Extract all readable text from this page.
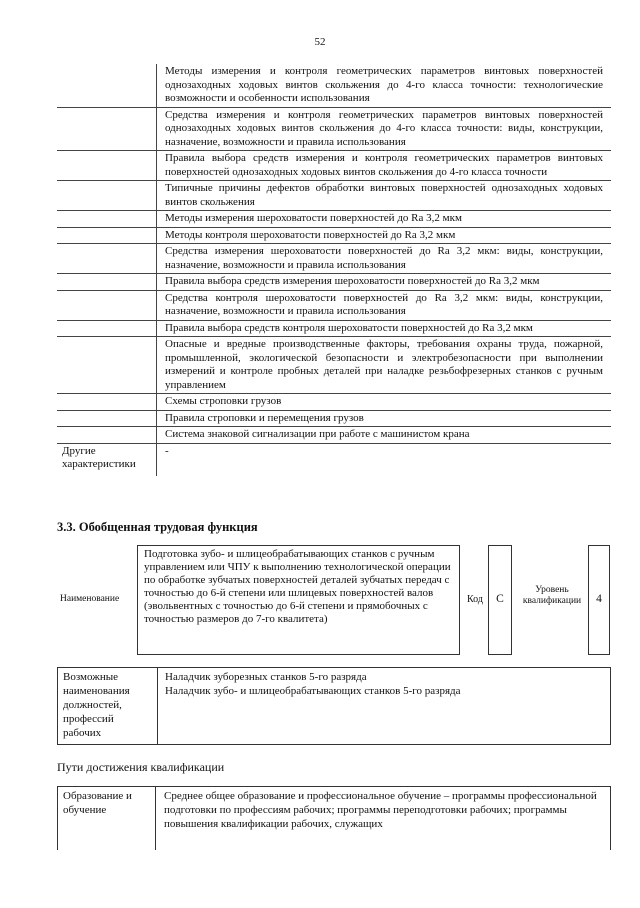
52
Методы измерения и контроля геометрических параметров винтовых поверхностей однозаходных ходовых винтов скольжения до 4-го класса точности: технологические возможности и особенности использования
Средства измерения и контроля геометрических параметров винтовых поверхностей однозаходных ходовых винтов скольжения до 4-го класса точности: виды, конструкции, назначение, возможности и правила использования
Правила выбора средств измерения и контроля геометрических параметров винтовых поверхностей однозаходных ходовых винтов скольжения до 4-го класса точности
Типичные причины дефектов обработки винтовых поверхностей однозаходных ходовых винтов скольжения
Методы измерения шероховатости поверхностей до Ra 3,2 мкм
Методы контроля шероховатости поверхностей до Ra 3,2 мкм
Средства измерения шероховатости поверхностей до Ra 3,2 мкм: виды, конструкции, назначение, возможности и правила использования
Правила выбора средств измерения шероховатости поверхностей до Ra 3,2 мкм
Средства контроля шероховатости поверхностей до Ra 3,2 мкм: виды, конструкции, назначение, возможности и правила использования
Правила выбора средств контроля шероховатости поверхностей до Ra 3,2 мкм
Опасные и вредные производственные факторы, требования охраны труда, пожарной, промышленной, экологической безопасности и электробезопасности при выполнении измерений и контроле пробных деталей при наладке резьбофрезерных станков с ручным управлением
Схемы строповки грузов
Правила строповки и перемещения грузов
Система знаковой сигнализации при работе с машинистом крана
Другие характеристики
-
3.3. Обобщенная трудовая функция
Наименование
Подготовка зубо- и шлицеобрабатывающих станков с ручным управлением или ЧПУ к выполнению технологической операции по обработке зубчатых поверхностей деталей зубчатых передач с точностью до 6-й степени или шлицевых поверхностей валов (эвольвентных с точностью до 6-й степени и прямобочных с точностью размеров до 7-го квалитета)
Код	C
Уровень квалификации	4
Возможные наименования должностей, профессий рабочих
Наладчик зуборезных станков 5-го разряда
Наладчик зубо- и шлицеобрабатывающих станков 5-го разряда
Пути достижения квалификации
Образование и обучение
Среднее общее образование и профессиональное обучение – программы профессиональной подготовки по профессиям рабочих; программы переподготовки рабочих; программы повышения квалификации рабочих, служащих
